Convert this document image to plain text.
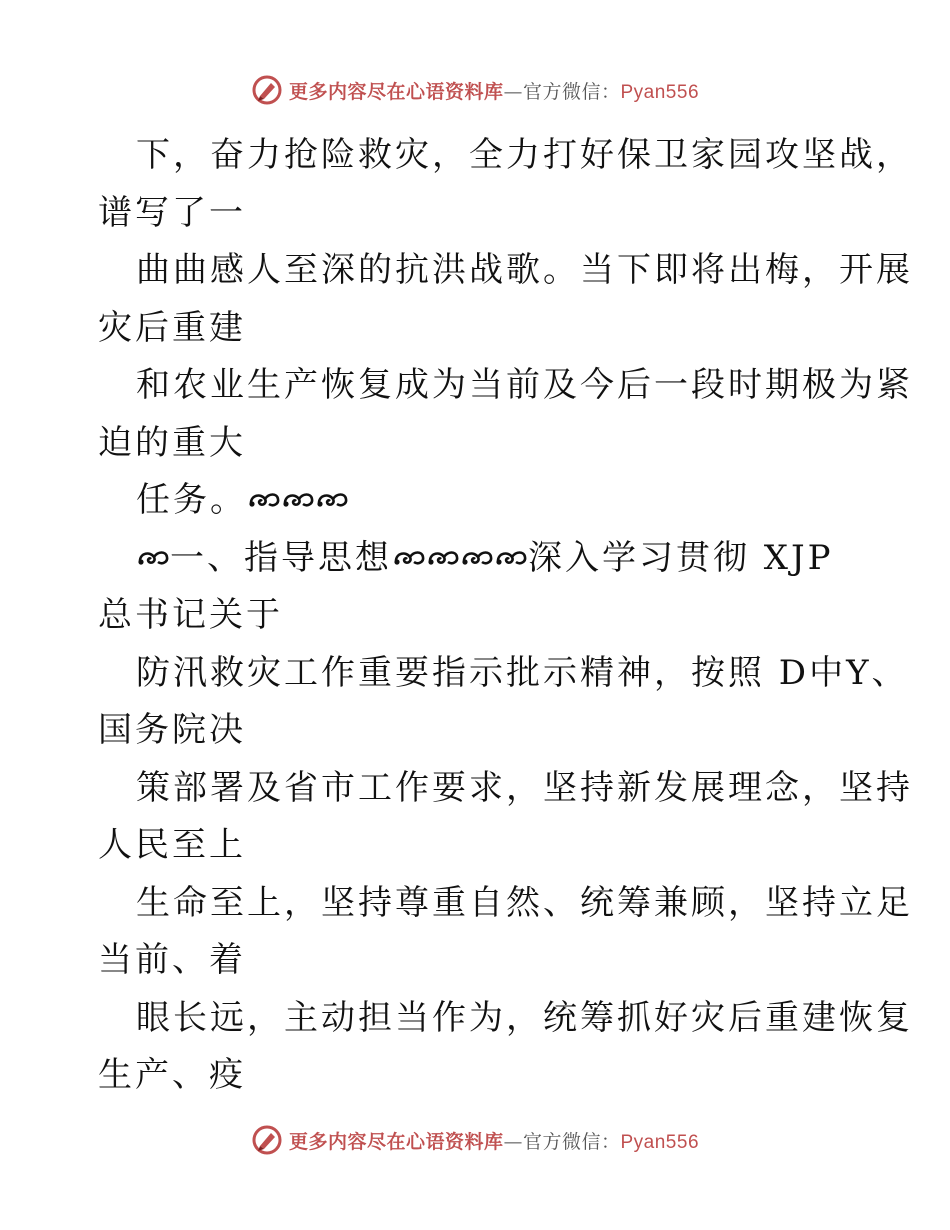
更多内容尽在心语资料库—官方微信：Pyan556
下，奋力抢险救灾，全力打好保卫家园攻坚战，
谱写了一
曲曲感人至深的抗洪战歌。当下即将出梅，开展
灾后重建
和农业生产恢复成为当前及今后一段时期极为紧
迫的重大
任务。
一、指导思想	深入学习贯彻 XJP
总书记关于
防汛救灾工作重要指示批示精神，按照 D中Y、
国务院决
策部署及省市工作要求，坚持新发展理念，坚持
人民至上
生命至上，坚持尊重自然、统筹兼顾，坚持立足
当前、着
眼长远，主动担当作为，统筹抓好灾后重建恢复
生产、疫
更多内容尽在心语资料库—官方微信：Pyan556
